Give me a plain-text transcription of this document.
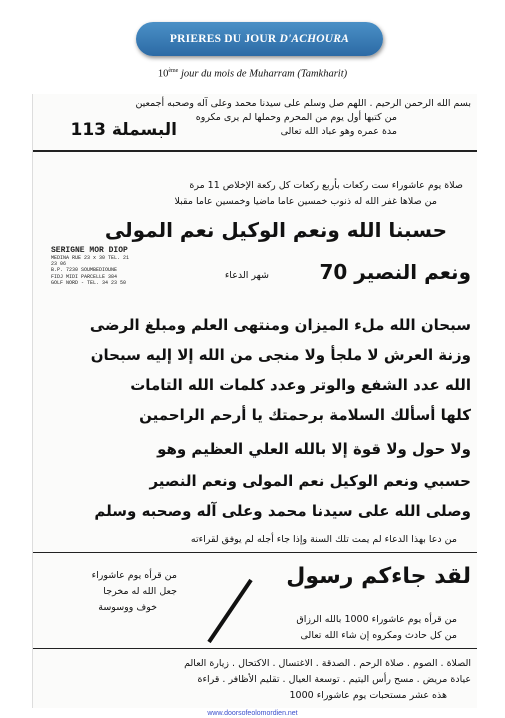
PRIERES DU JOUR D'ACHOURA
10ème jour du mois de Muharram (Tamkharit)
بسم الله الرحمن الرحيم . اللهم صل وسلم على سيدنا محمد وعلى آله وصحبه أجمعين
من كتبها أول يوم من المحرم وحملها لم يرى مكروه
البسملة 113	مدة عمره وهو عباد الله تعالى
صلاة يوم عاشوراء ست ركعات بأربع ركعات كل ركعة الإخلاص 11 مرة
من صلاها غفر الله له ذنوب خمسين عاما ماضيا وخمسين عاما مقبلا
حسبنا الله ونعم الوكيل نعم المولى
ونعم النصير 70
شهر الدعاء
SERIGNE MOR DIOP
MEDINA RUE 23 x 30 TEL. 21 23 06
B.P. 7230 SOUMBEDIOUNE
FIDJ MIDI PARCELLE 384
GOLF NORD - TEL. 34 23 50
سبحان الله ملء الميزان ومنتهى العلم ومبلغ الرضى
وزنة العرش لا ملجأ ولا منجى من الله إلا إليه سبحان
الله عدد الشفع والوتر وعدد كلمات الله التامات
كلها أسألك السلامة برحمتك يا أرحم الراحمين
ولا حول ولا قوة إلا بالله العلي العظيم وهو
حسبي ونعم الوكيل نعم المولى ونعم النصير
وصلى الله على سيدنا محمد وعلى آله وصحبه وسلم
من دعا بهذا الدعاء لم يمت تلك السنة وإذا جاء أجله لم يوفق لقراءته
لقد جاءكم رسول
من قرأه يوم عاشوراء
جعل الله له مخرجا
خوف ووسوسة
من قرأه يوم عاشوراء 1000 بالله الرزاق
من كل حادث ومكروه إن شاء الله تعالى
الصلاة . الصوم . صلاة الرحم . الصدقة . الاغتسال . الاكتحال . زيارة العالم
عيادة مريض . مسح رأس اليتيم . توسعة العيال . تقليم الأظافر . قراءة
هذه عشر مستحبات يوم عاشوراء 1000
www.doorsofeolomordien.net
